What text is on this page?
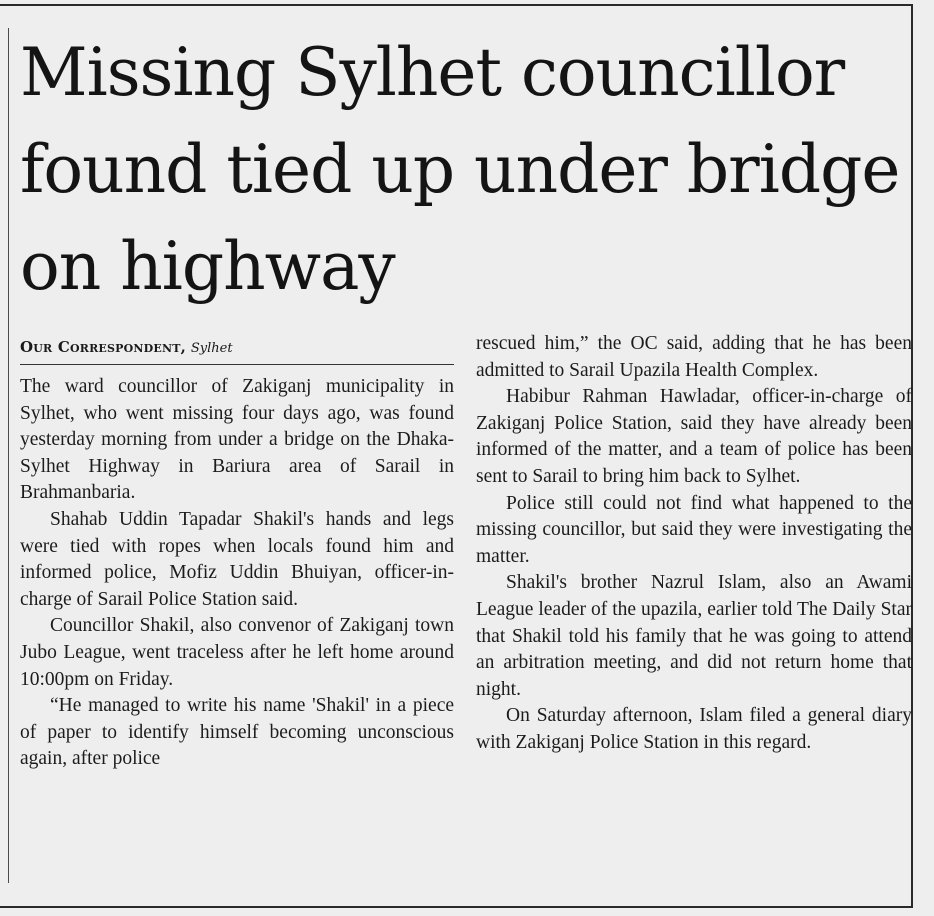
Missing Sylhet councillor found tied up under bridge on highway
Our Correspondent, Sylhet

The ward councillor of Zakiganj municipality in Sylhet, who went missing four days ago, was found yesterday morning from under a bridge on the Dhaka-Sylhet Highway in Bariura area of Sarail in Brahmanbaria.

Shahab Uddin Tapadar Shakil's hands and legs were tied with ropes when locals found him and informed police, Mofiz Uddin Bhuiyan, officer-in-charge of Sarail Police Station said.

Councillor Shakil, also convenor of Zakiganj town Jubo League, went traceless after he left home around 10:00pm on Friday.

“He managed to write his name 'Shakil' in a piece of paper to identify himself becoming unconscious again, after police

rescued him,” the OC said, adding that he has been admitted to Sarail Upazila Health Complex.

Habibur Rahman Hawladar, officer-in-charge of Zakiganj Police Station, said they have already been informed of the matter, and a team of police has been sent to Sarail to bring him back to Sylhet.

Police still could not find what happened to the missing councillor, but said they were investigating the matter.

Shakil's brother Nazrul Islam, also an Awami League leader of the upazila, earlier told The Daily Star that Shakil told his family that he was going to attend an arbitration meeting, and did not return home that night.

On Saturday afternoon, Islam filed a general diary with Zakiganj Police Station in this regard.
